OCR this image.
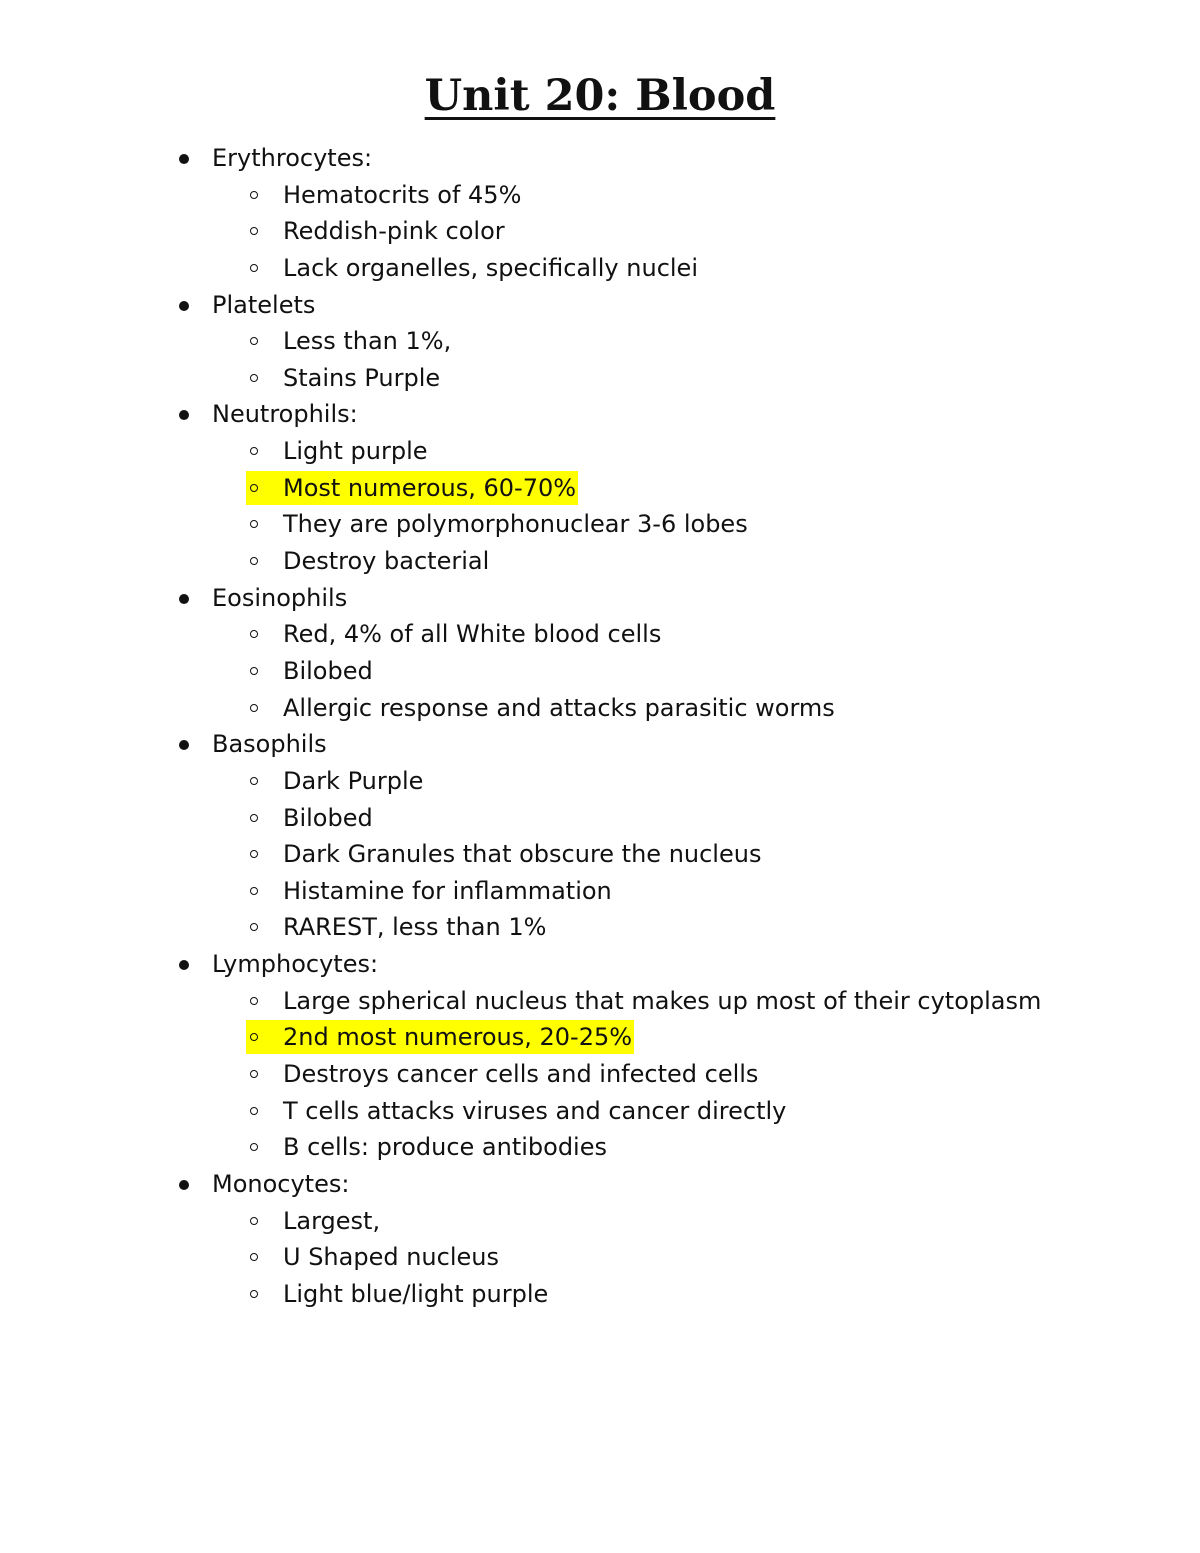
Unit 20: Blood
Erythrocytes:
Hematocrits of 45%
Reddish-pink color
Lack organelles, specifically nuclei
Platelets
Less than 1%,
Stains Purple
Neutrophils:
Light purple
Most numerous, 60-70%
They are polymorphonuclear 3-6 lobes
Destroy bacterial
Eosinophils
Red, 4% of all White blood cells
Bilobed
Allergic response and attacks parasitic worms
Basophils
Dark Purple
Bilobed
Dark Granules that obscure the nucleus
Histamine for inflammation
RAREST, less than 1%
Lymphocytes:
Large spherical nucleus that makes up most of their cytoplasm
2nd most numerous, 20-25%
Destroys cancer cells and infected cells
T cells attacks viruses and cancer directly
B cells: produce antibodies
Monocytes:
Largest,
U Shaped nucleus
Light blue/light purple
